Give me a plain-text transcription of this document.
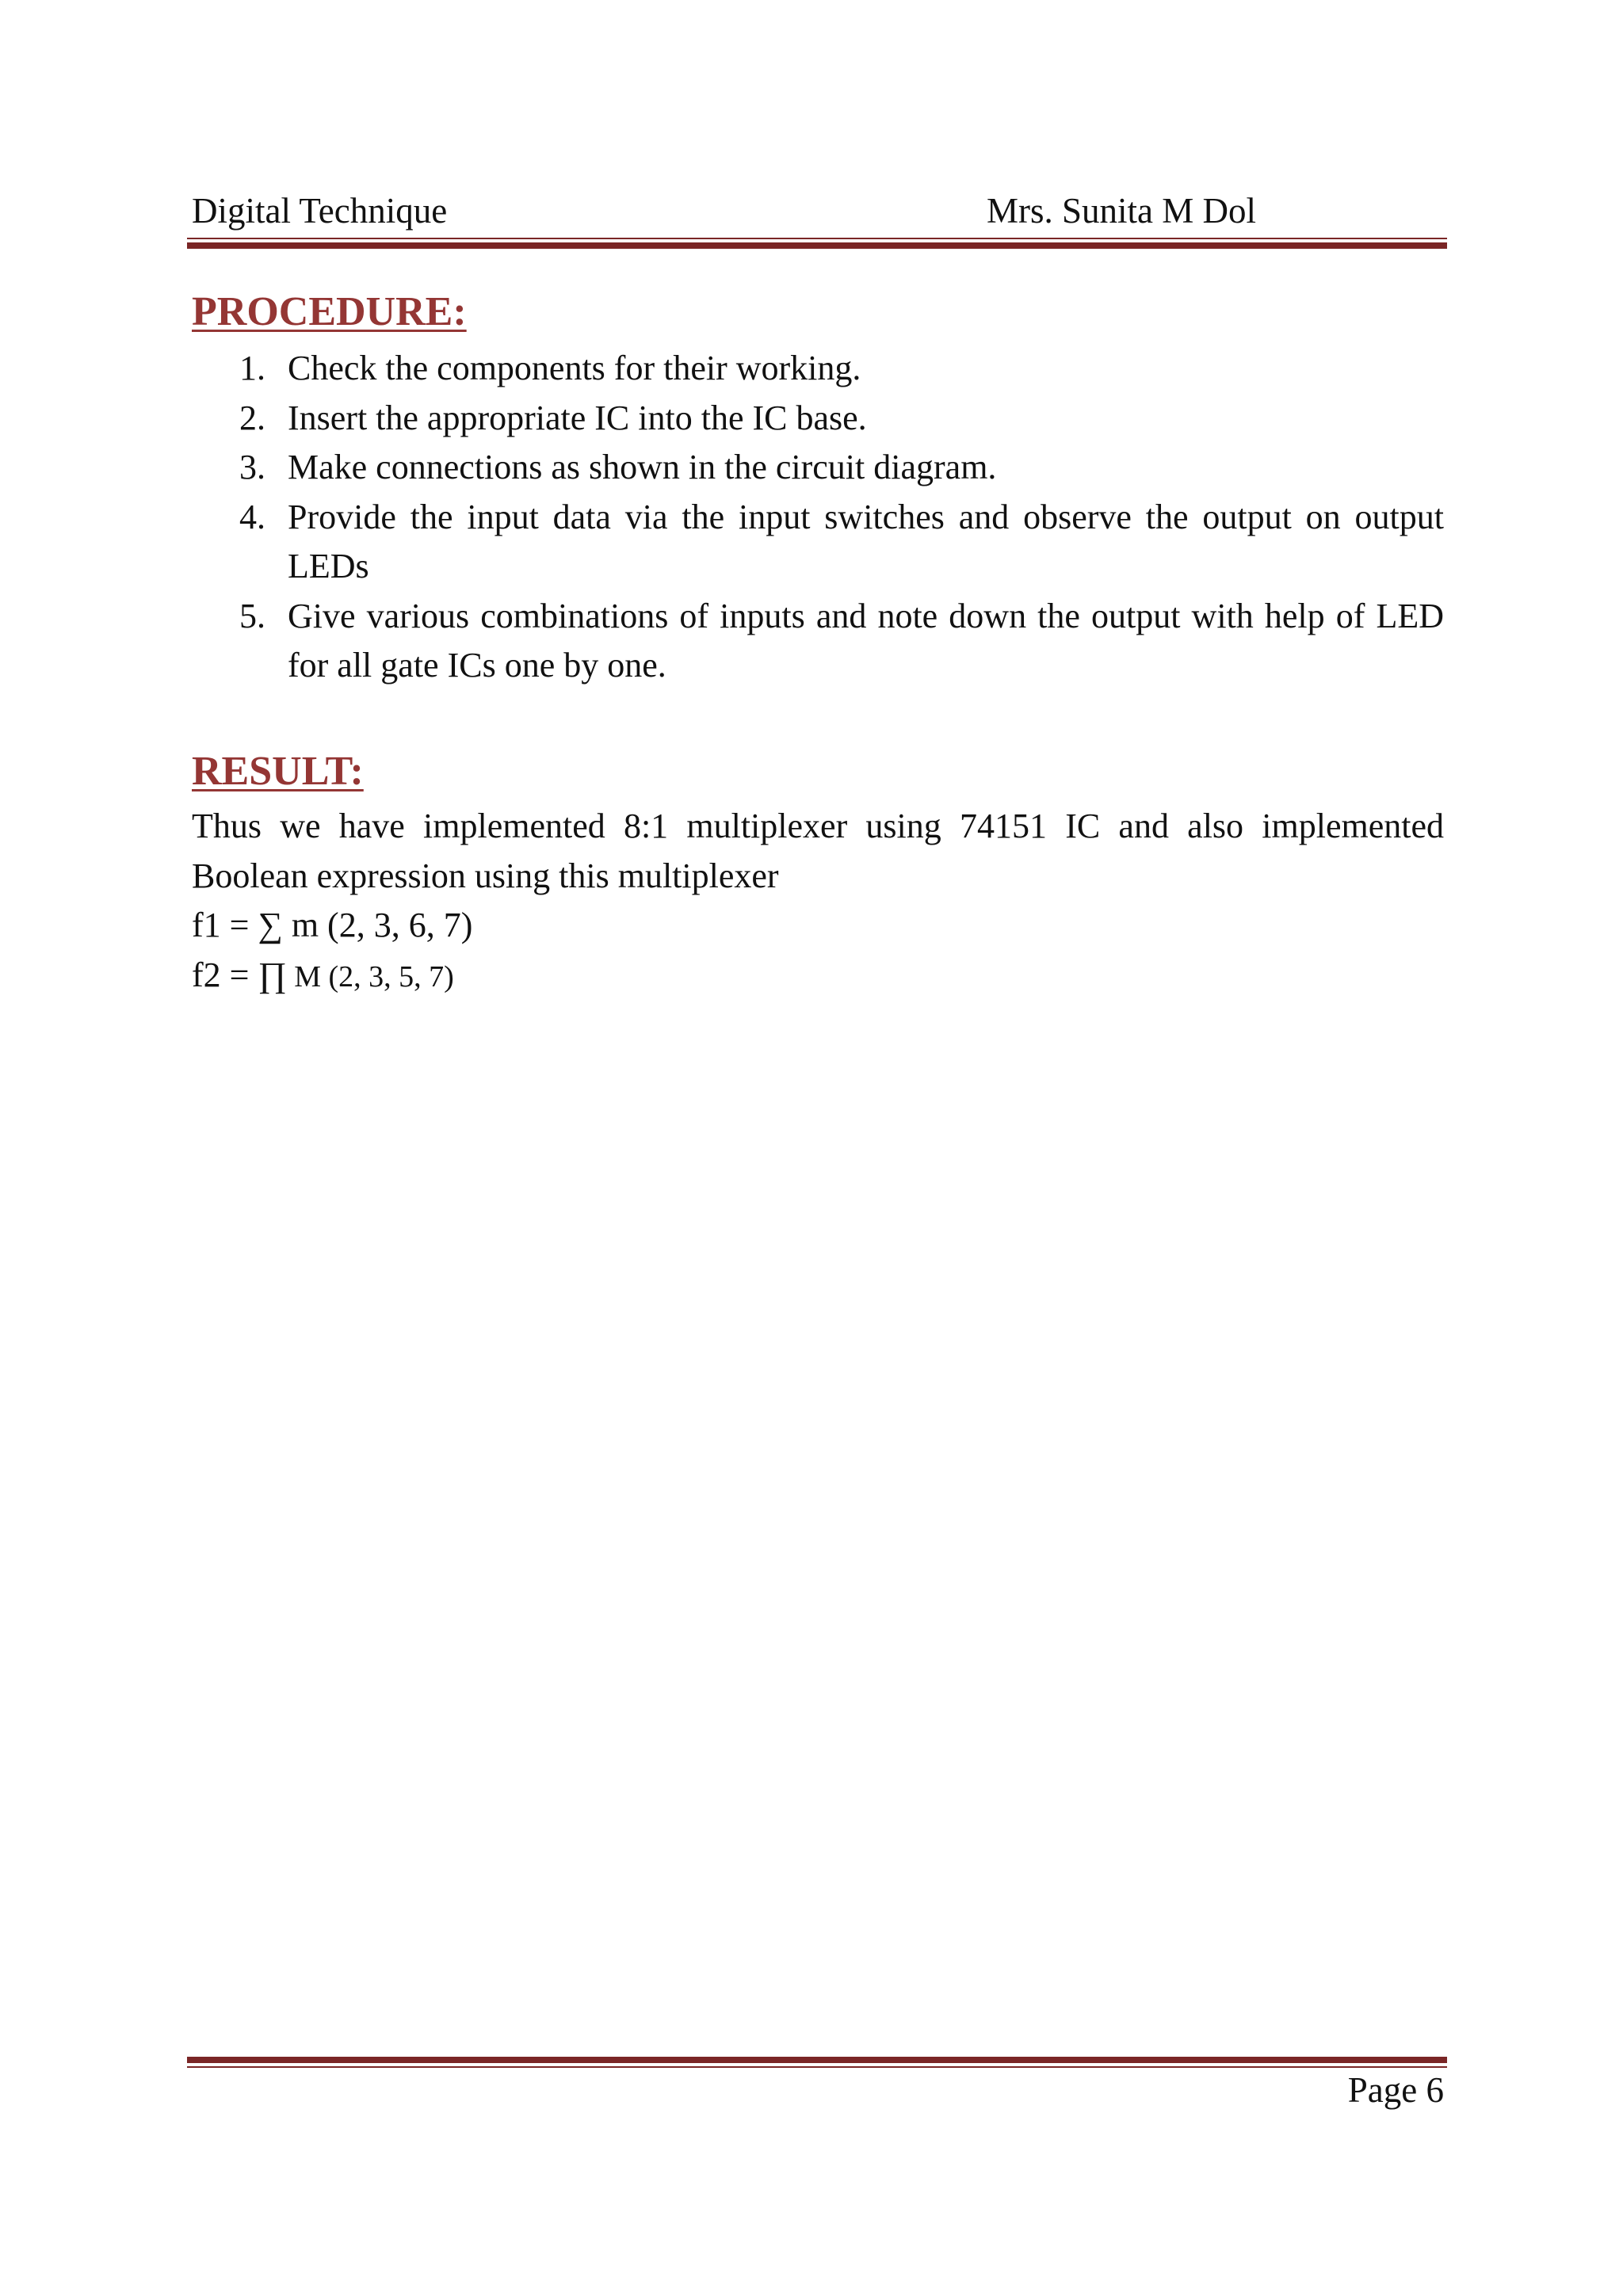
Digital Technique	Mrs. Sunita M Dol
PROCEDURE:
1. Check the components for their working.
2. Insert the appropriate IC into the IC base.
3. Make connections as shown in the circuit diagram.
4. Provide the input data via the input switches and observe the output on output LEDs
5. Give various combinations of inputs and note down the output with help of LED for all gate ICs one by one.
RESULT:
Thus we have implemented 8:1 multiplexer using 74151 IC and also implemented Boolean expression using this multiplexer
f1 = ∑ m (2, 3, 6, 7)
f2 = ∏ M (2, 3, 5, 7)
Page 6
